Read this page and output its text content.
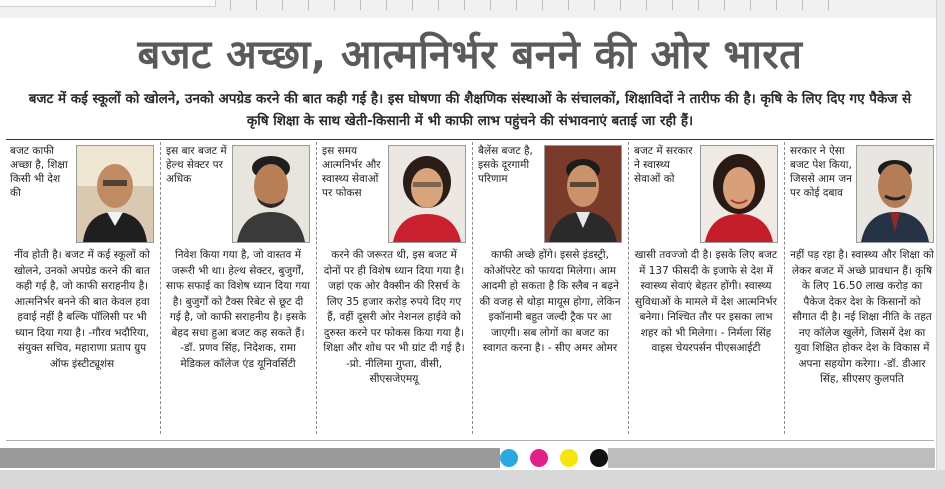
बजट अच्छा, आत्मनिर्भर बनने की ओर भारत
बजट में कई स्कूलों को खोलने, उनको अपग्रेड करने की बात कही गई है। इस घोषणा की शैक्षणिक संस्थाओं के संचालकों, शिक्षाविदों ने तारीफ की है। कृषि के लिए दिए गए पैकेज से कृषि शिक्षा के साथ खेती-किसानी में भी काफी लाभ पहुंचने की संभावनाएं बताई जा रही हैं।
बजट काफी अच्छा है, शिक्षा किसी भी देश की
नींव होती है। बजट में कई स्कूलों को खोलने, उनको अपग्रेड करने की बात कही गई है, जो काफी सराहनीय है। आत्मनिर्भर बनने की बात केवल हवा हवाई नहीं है बल्कि पॉलिसी पर भी ध्यान दिया गया है। -गौरव भदौरिया, संयुक्त सचिव, महाराणा प्रताप ग्रुप ऑफ इंस्टीट्यूशंस
इस बार बजट में हेल्थ सेक्टर पर अधिक
निवेश किया गया है, जो वास्तव में जरूरी भी था। हेल्थ सेक्टर, बुजुर्गों, साफ सफाई का विशेष ध्यान दिया गया है। बुजुर्गों को टैक्स रिबेट से छूट दी गई है, जो काफी सराहनीय है। इसके बेहद सधा हुआ बजट कह सकते हैं। -डॉ. प्रणव सिंह, निदेशक, रामा मेडिकल कॉलेज एंड यूनिवर्सिटी
इस समय आत्मनिर्भर और स्वास्थ्य सेवाओं पर फोकस
करने की जरूरत थी, इस बजट में दोनों पर ही विशेष ध्यान दिया गया है। जहां एक ओर वैक्सीन की रिसर्च के लिए 35 हजार करोड़ रुपये दिए गए हैं, वहीं दूसरी ओर नेशनल हाईवे को दुरुस्त करने पर फोकस किया गया है। शिक्षा और शोध पर भी ग्रांट दी गई है। -प्रो. नीलिमा गुप्ता, वीसी, सीएसजेएमयू
बैलेंस बजट है, इसके दूरगामी परिणाम
काफी अच्छे होंगे। इससे इंडस्ट्री, कोऑपरेट को फायदा मिलेगा। आम आदमी हो सकता है कि स्लैब न बढ़ने की वजह से थोड़ा मायूस होगा, लेकिन इकॉनामी बहुत जल्दी ट्रैक पर आ जाएगी। सब लोगों का बजट का स्वागत करना है। - सीए अमर ओमर
बजट में सरकार ने स्वास्थ्य सेवाओं को
खासी तवज्जो दी है। इसके लिए बजट में 137 फीसदी के इजाफे से देश में स्वास्थ्य सेवाएं बेहतर होंगी। स्वास्थ्य सुविधाओं के मामले में देश आत्मनिर्भर बनेगा। निश्चित तौर पर इसका लाभ शहर को भी मिलेगा। - निर्मला सिंह वाइस चेयरपर्सन पीएसआईटी
सरकार ने ऐसा बजट पेश किया, जिससे आम जन पर कोई दबाव
नहीं पड़ रहा है। स्वास्थ्य और शिक्षा को लेकर बजट में अच्छे प्रावधान हैं। कृषि के लिए 16.50 लाख करोड़ का पैकेज देकर देश के किसानों को सौगात दी है। नई शिक्षा नीति के तहत नए कॉलेज खुलेंगे, जिसमें देश का युवा शिक्षित होकर देश के विकास में अपना सहयोग करेगा। -डॉ. डीआर सिंह, सीएसए कुलपति
